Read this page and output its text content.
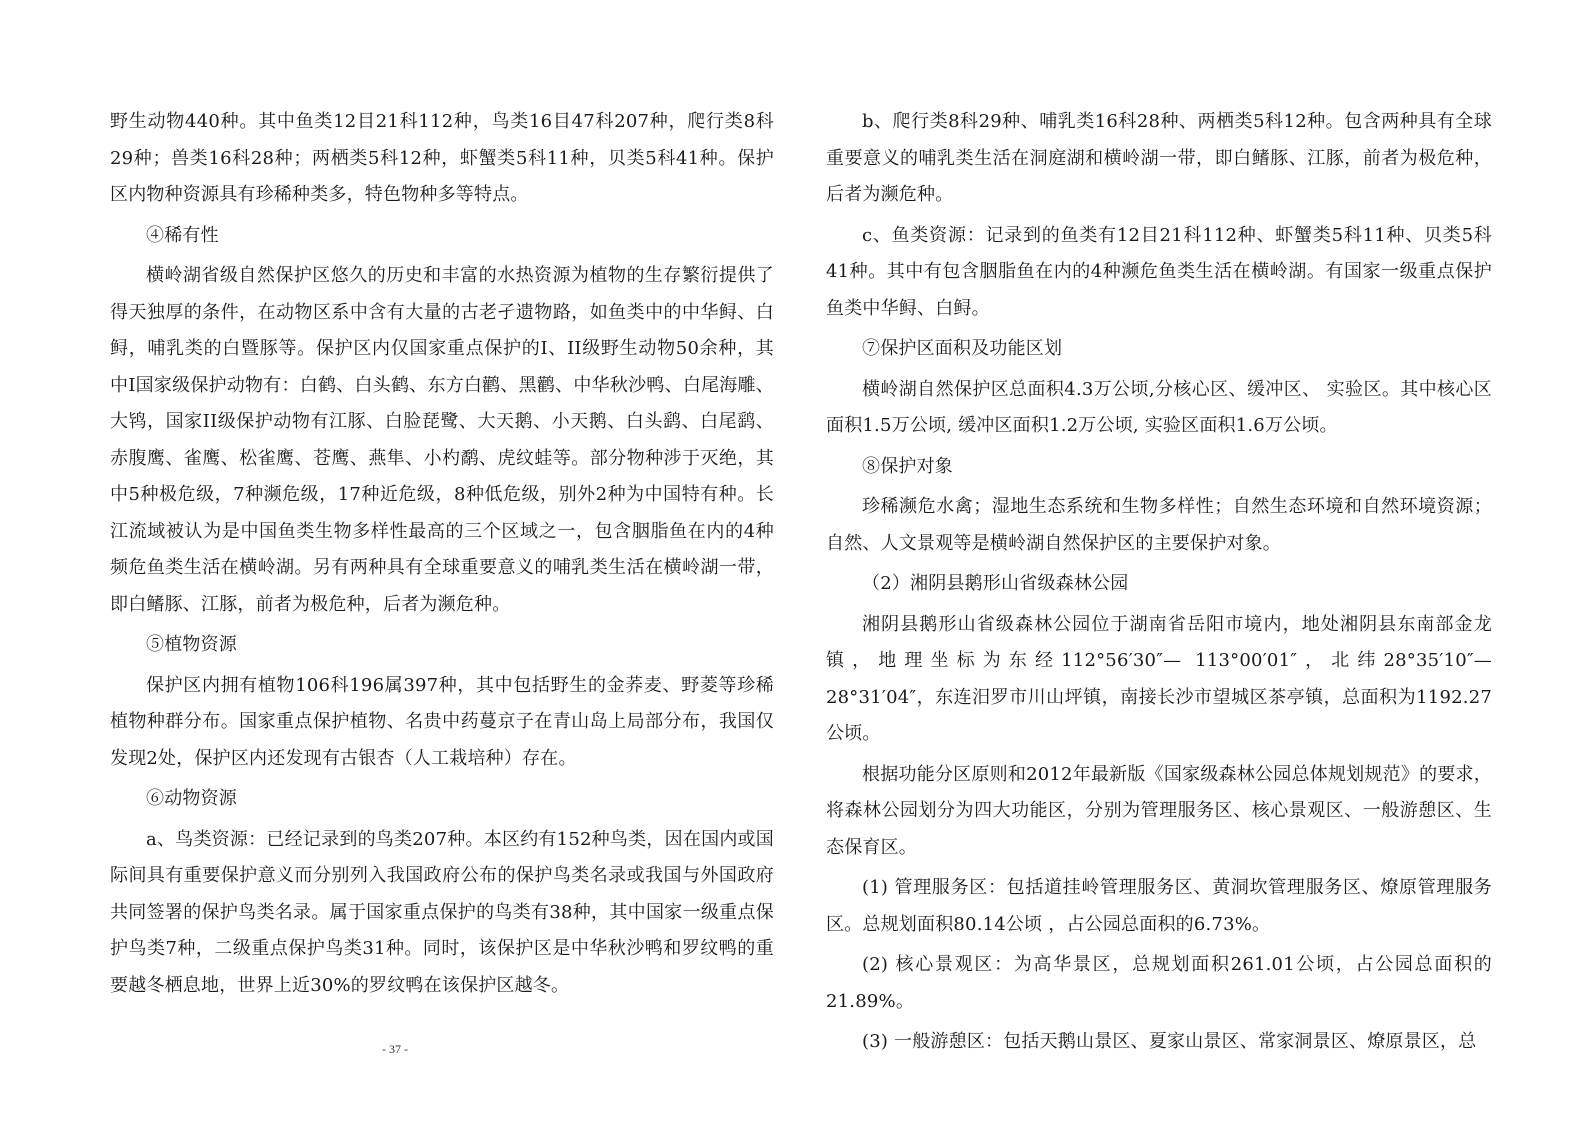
野生动物440种。其中鱼类12目21科112种，鸟类16目47科207种，爬行类8科29种；兽类16科28种；两栖类5科12种，虾蟹类5科11种，贝类5科41种。保护区内物种资源具有珍稀种类多，特色物种多等特点。

④稀有性

横岭湖省级自然保护区悠久的历史和丰富的水热资源为植物的生存繁衍提供了得天独厚的条件，在动物区系中含有大量的古老孑遗物路，如鱼类中的中华鲟、白鲟，哺乳类的白暨豚等。保护区内仅国家重点保护的I、II级野生动物50余种，其中I国家级保护动物有：白鹤、白头鹤、东方白鹳、黑鹳、中华秋沙鸭、白尾海雕、大鸨，国家II级保护动物有江豚、白脸琵鹭、大天鹅、小天鹅、白头鹞、白尾鹞、赤腹鹰、雀鹰、松雀鹰、苍鹰、燕隼、小杓鹬、虎纹蛙等。部分物种涉于灭绝，其中5种极危级，7种濒危级，17种近危级，8种低危级，别外2种为中国特有种。长江流域被认为是中国鱼类生物多样性最高的三个区域之一，包含胭脂鱼在内的4种频危鱼类生活在横岭湖。另有两种具有全球重要意义的哺乳类生活在横岭湖一带，即白鳍豚、江豚，前者为极危种，后者为濒危种。

⑤植物资源

保护区内拥有植物106科196属397种，其中包括野生的金荞麦、野菱等珍稀植物种群分布。国家重点保护植物、名贵中药蔓京子在青山岛上局部分布，我国仅发现2处，保护区内还发现有古银杏（人工栽培种）存在。

⑥动物资源

a、鸟类资源：已经记录到的鸟类207种。本区约有152种鸟类，因在国内或国际间具有重要保护意义而分别列入我国政府公布的保护鸟类名录或我国与外国政府共同签署的保护鸟类名录。属于国家重点保护的鸟类有38种，其中国家一级重点保护鸟类7种，二级重点保护鸟类31种。同时，该保护区是中华秋沙鸭和罗纹鸭的重要越冬栖息地，世界上近30%的罗纹鸭在该保护区越冬。

b、爬行类8科29种、哺乳类16科28种、两栖类5科12种。包含两种具有全球重要意义的哺乳类生活在洞庭湖和横岭湖一带，即白鳍豚、江豚，前者为极危种，后者为濒危种。

c、鱼类资源：记录到的鱼类有12目21科112种、虾蟹类5科11种、贝类5科41种。其中有包含胭脂鱼在内的4种濒危鱼类生活在横岭湖。有国家一级重点保护鱼类中华鲟、白鲟。

⑦保护区面积及功能区划

横岭湖自然保护区总面积4.3万公顷,分核心区、缓冲区、 实验区。其中核心区面积1.5万公顷, 缓冲区面积1.2万公顷, 实验区面积1.6万公顷。

⑧保护对象

珍稀濒危水禽；湿地生态系统和生物多样性；自然生态环境和自然环境资源；自然、人文景观等是横岭湖自然保护区的主要保护对象。

（2）湘阴县鹅形山省级森林公园

湘阴县鹅形山省级森林公园位于湖南省岳阳市境内，地处湘阴县东南部金龙镇，地理坐标为东经112°56′30″— 113°00′01″，北纬28°35′10″— 28°31′04″，东连汨罗市川山坪镇，南接长沙市望城区茶亭镇，总面积为1192.27公顷。

根据功能分区原则和2012年最新版《国家级森林公园总体规划规范》的要求，将森林公园划分为四大功能区，分别为管理服务区、核心景观区、一般游憩区、生态保育区。

(1) 管理服务区：包括道挂岭管理服务区、黄洞坎管理服务区、燎原管理服务区。总规划面积80.14公顷 ，占公园总面积的6.73%。

(2) 核心景观区：为高华景区，总规划面积261.01公顷，占公园总面积的21.89%。

(3) 一般游憩区：包括天鹅山景区、夏家山景区、常家洞景区、燎原景区，总

- 37 -
